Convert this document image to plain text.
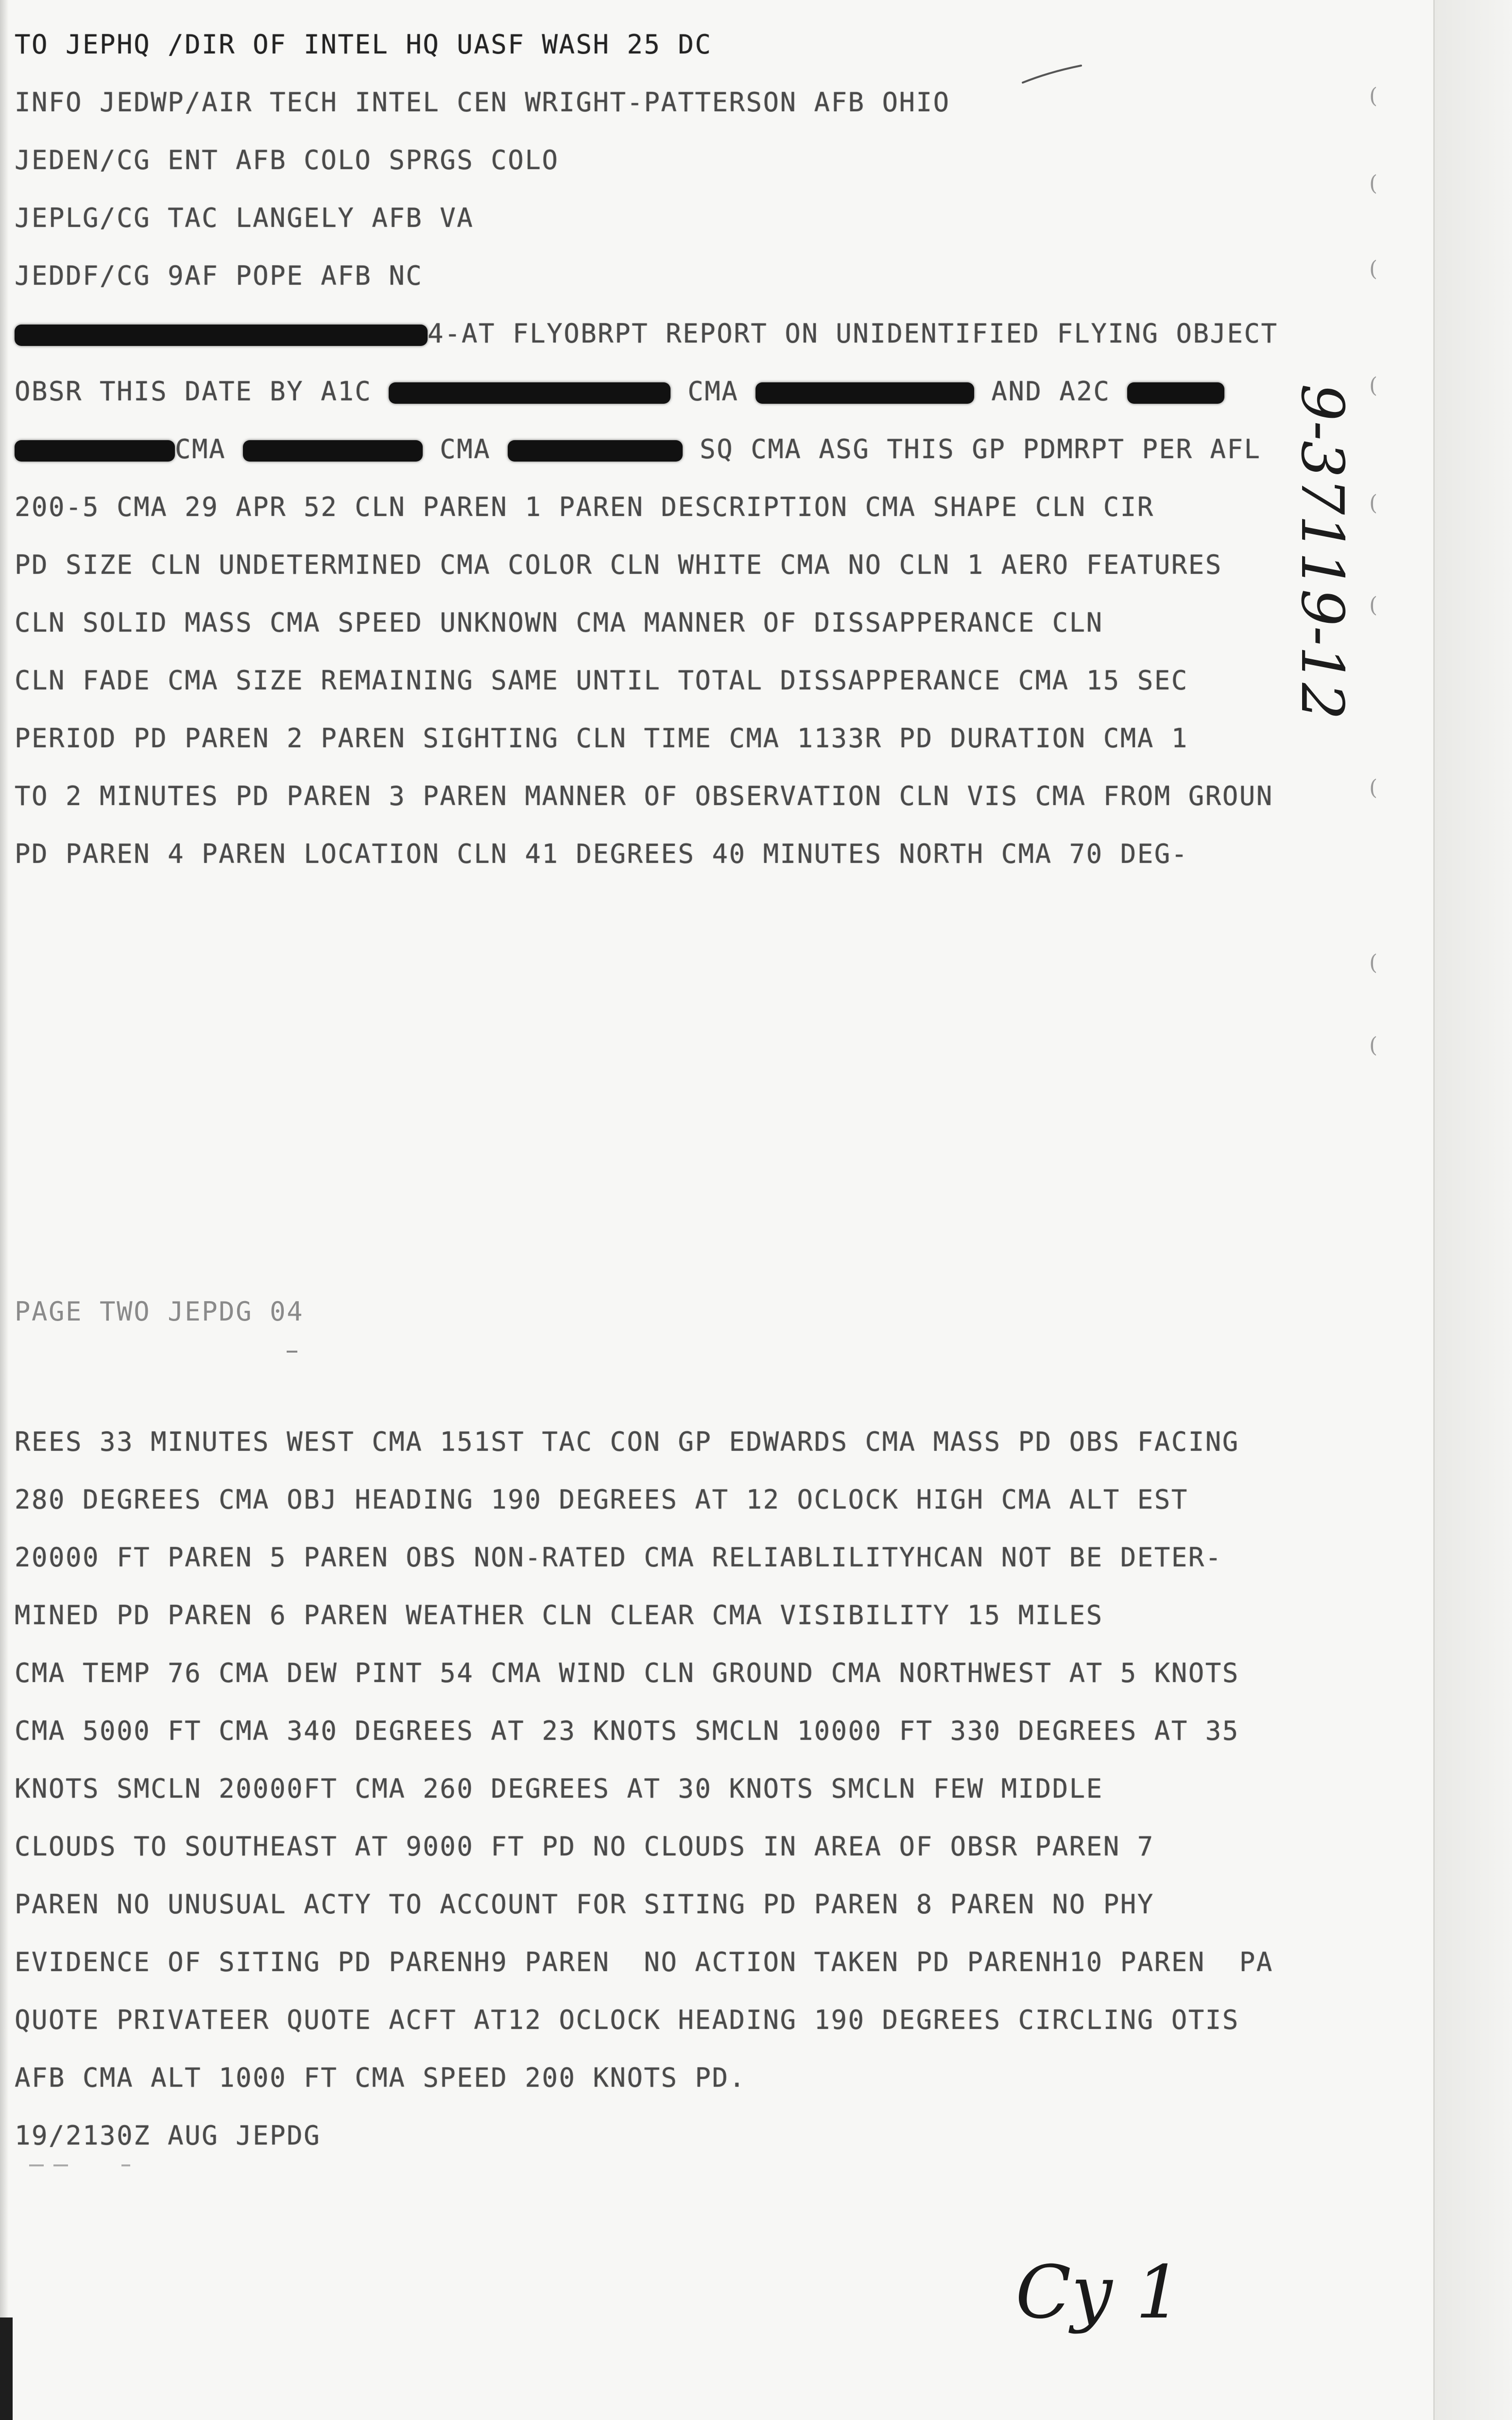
TO JEPHQ /DIR OF INTEL HQ UASF WASH 25 DC
INFO JEDWP/AIR TECH INTEL CEN WRIGHT-PATTERSON AFB OHIO
JEDEN/CG ENT AFB COLO SPRGS COLO
JEPLG/CG TAC LANGELY AFB VA
JEDDF/CG 9AF POPE AFB NC
4-AT FLYOBRPT REPORT ON UNIDENTIFIED FLYING OBJECT
OBSR THIS DATE BY A1C	CMA	AND A2C
CMA	CMA	SQ CMA ASG THIS GP PDMRPT PER AFL
200-5 CMA 29 APR 52 CLN PAREN 1 PAREN DESCRIPTION CMA SHAPE CLN CIR
PD SIZE CLN UNDETERMINED CMA COLOR CLN WHITE CMA NO CLN 1 AERO FEATURES
CLN SOLID MASS CMA SPEED UNKNOWN CMA MANNER OF DISSAPPERANCE CLN
CLN FADE CMA SIZE REMAINING SAME UNTIL TOTAL DISSAPPERANCE CMA 15 SEC
PERIOD PD PAREN 2 PAREN SIGHTING CLN TIME CMA 1133R PD DURATION CMA 1
TO 2 MINUTES PD PAREN 3 PAREN MANNER OF OBSERVATION CLN VIS CMA FROM GROUN
PD PAREN 4 PAREN LOCATION CLN 41 DEGREES 40 MINUTES NORTH CMA 70 DEG-
PAGE TWO JEPDG 04
REES 33 MINUTES WEST CMA 151ST TAC CON GP EDWARDS CMA MASS PD OBS FACING
280 DEGREES CMA OBJ HEADING 190 DEGREES AT 12 OCLOCK HIGH CMA ALT EST
20000 FT PAREN 5 PAREN OBS NON-RATED CMA RELIABLILITYHCAN NOT BE DETER-
MINED PD PAREN 6 PAREN WEATHER CLN CLEAR CMA VISIBILITY 15 MILES
CMA TEMP 76 CMA DEW PINT 54 CMA WIND CLN GROUND CMA NORTHWEST AT 5 KNOTS
CMA 5000 FT CMA 340 DEGREES AT 23 KNOTS SMCLN 10000 FT 330 DEGREES AT 35
KNOTS SMCLN 20000FT CMA 260 DEGREES AT 30 KNOTS SMCLN FEW MIDDLE
CLOUDS TO SOUTHEAST AT 9000 FT PD NO CLOUDS IN AREA OF OBSR PAREN 7
PAREN NO UNUSUAL ACTY TO ACCOUNT FOR SITING PD PAREN 8 PAREN NO PHY
EVIDENCE OF SITING PD PARENH9 PAREN  NO ACTION TAKEN PD PARENH10 PAREN  PA
QUOTE PRIVATEER QUOTE ACFT AT12 OCLOCK HEADING 190 DEGREES CIRCLING OTIS
AFB CMA ALT 1000 FT CMA SPEED 200 KNOTS PD.
19/2130Z AUG JEPDG
(
(
(
(
(
(
(
(
(
9-37119-12
Cy 1
